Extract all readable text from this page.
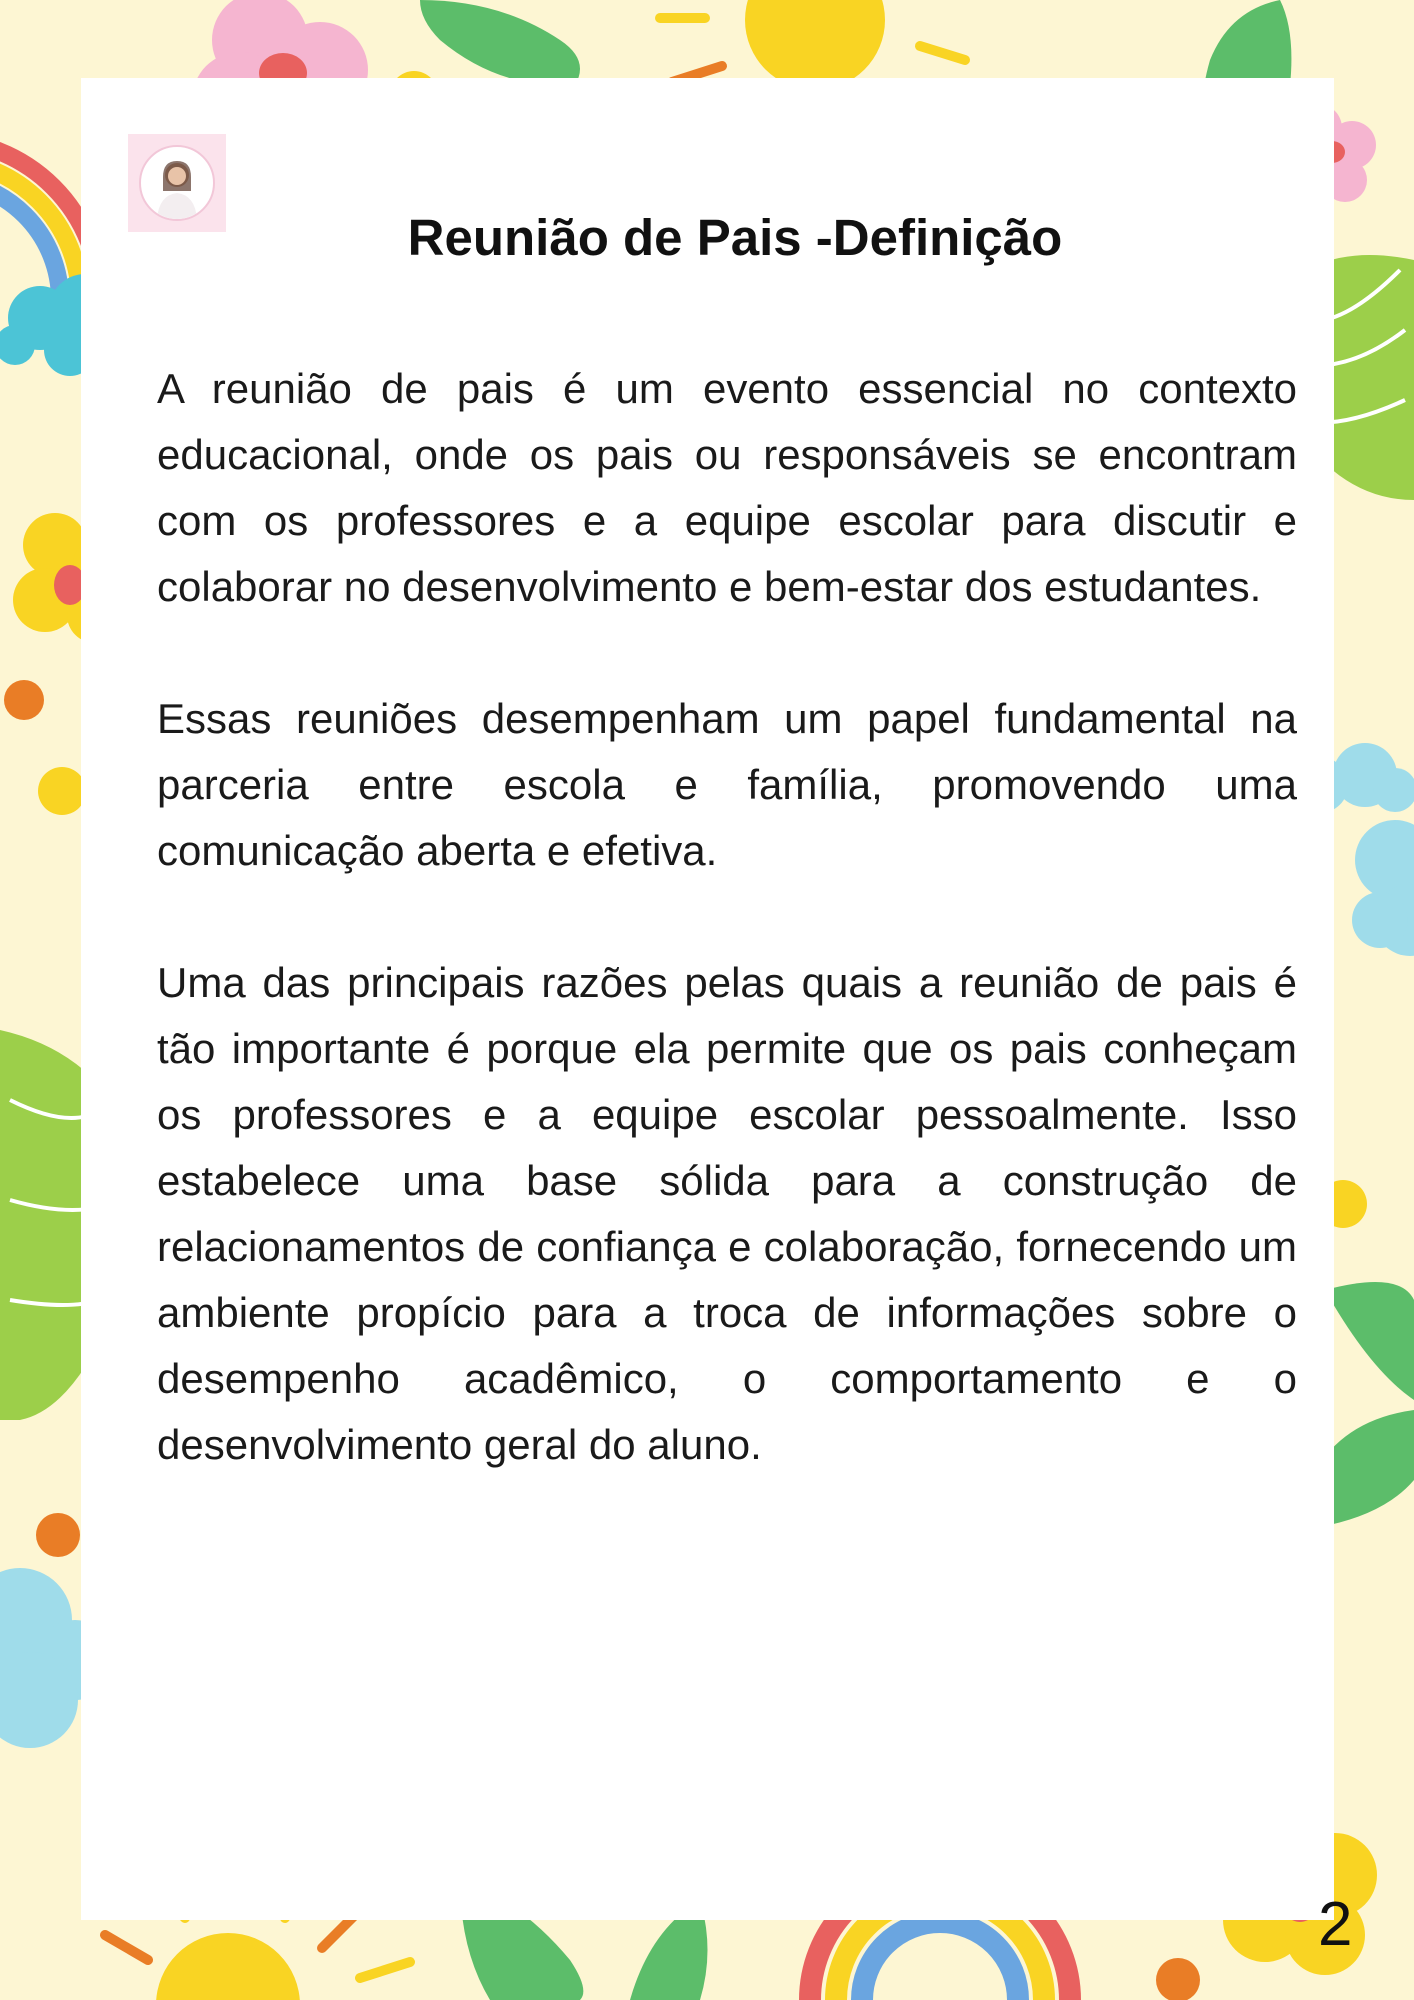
Reunião de Pais -Definição

A reunião de pais é um evento essencial no contexto educacional, onde os pais ou responsáveis se encontram com os professores e a equipe escolar para discutir e colaborar no desenvolvimento e bem-estar dos estudantes.

Essas reuniões desempenham um papel fundamental na parceria entre escola e família, promovendo uma comunicação aberta e efetiva.

Uma das principais razões pelas quais a reunião de pais é tão importante é porque ela permite que os pais conheçam os professores e a equipe escolar pessoalmente. Isso estabelece uma base sólida para a construção de relacionamentos de confiança e colaboração, fornecendo um ambiente propício para a troca de informações sobre o desempenho acadêmico, o comportamento e o desenvolvimento geral do aluno.

2
